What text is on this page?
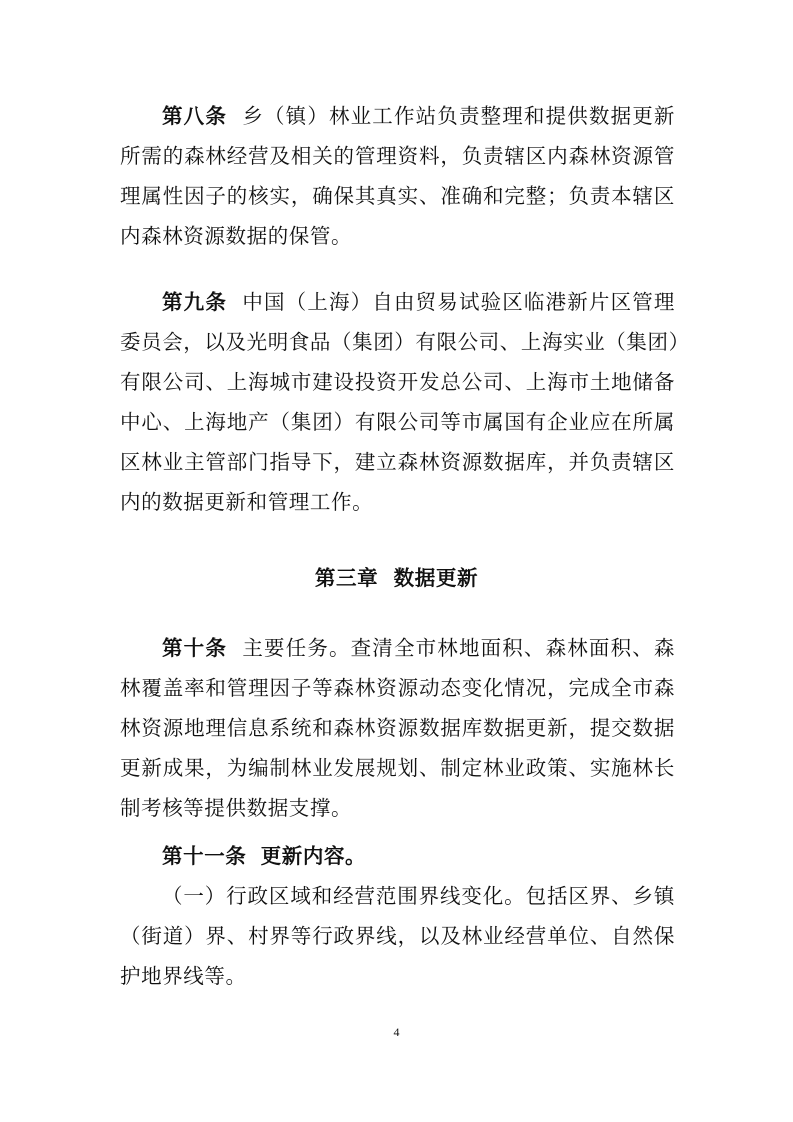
第八条 乡（镇）林业工作站负责整理和提供数据更新
所需的森林经营及相关的管理资料，负责辖区内森林资源管
理属性因子的核实，确保其真实、准确和完整；负责本辖区
内森林资源数据的保管。
第九条 中国（上海）自由贸易试验区临港新片区管理
委员会，以及光明食品（集团）有限公司、上海实业（集团）
有限公司、上海城市建设投资开发总公司、上海市土地储备
中心、上海地产（集团）有限公司等市属国有企业应在所属
区林业主管部门指导下，建立森林资源数据库，并负责辖区
内的数据更新和管理工作。
第三章  数据更新
第十条 主要任务。查清全市林地面积、森林面积、森
林覆盖率和管理因子等森林资源动态变化情况，完成全市森
林资源地理信息系统和森林资源数据库数据更新，提交数据
更新成果，为编制林业发展规划、制定林业政策、实施林长
制考核等提供数据支撑。
第十一条 更新内容。
（一）行政区域和经营范围界线变化。包括区界、乡镇
（街道）界、村界等行政界线，以及林业经营单位、自然保
护地界线等。
4
